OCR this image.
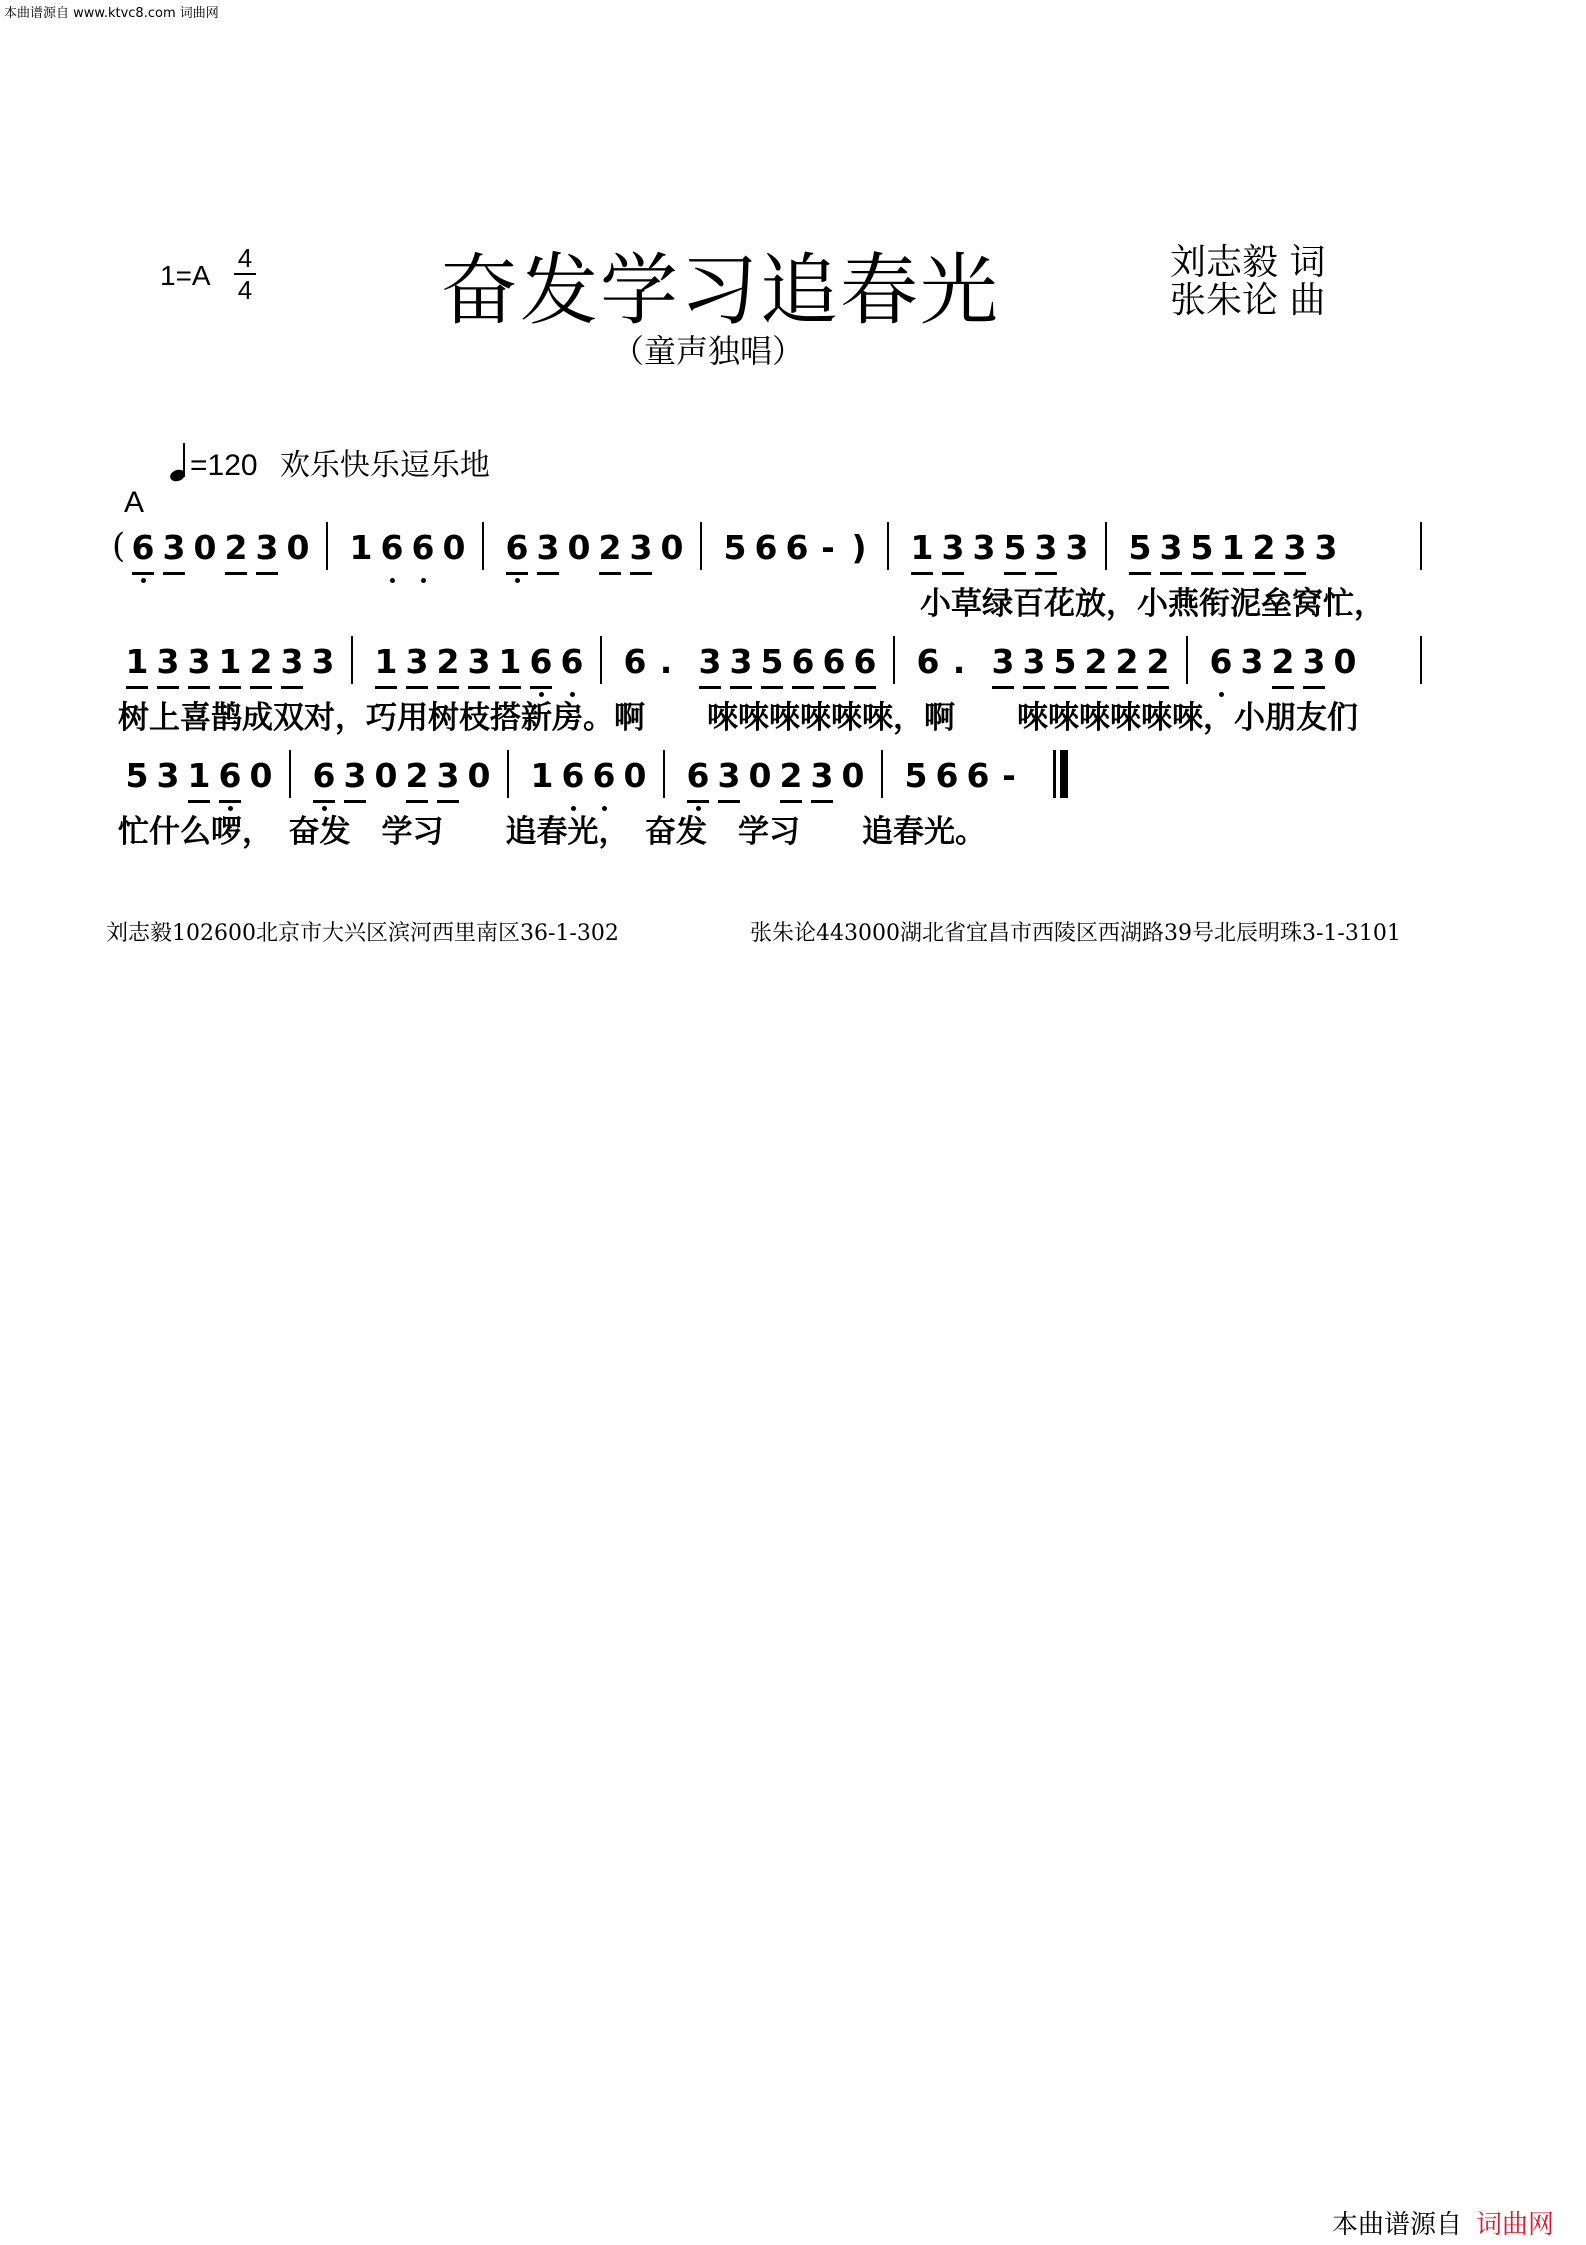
本曲谱源自 www.ktvc8.com 词曲网
1=A
4
4 奋发学习追春光	刘志毅 词
张朱论 曲
（童声独唱）
=120 欢乐快乐逗乐地
A
( 6 3 0 2 3 0 1 6 6 0 6 3 0 2 3 0 5 6 6 - ) 1 3 3 5 3 3 5 3 5 1 2 3 3
1 3 3 1 2 3 3 1 3 2 3 1 6 6 6 . 3 3 5 6 6 6 6 . 3 3 5 2 2 2 6 3 2 3 0
5 3 1 6 0 6 3 0 2 3 0 1 6 6 0 6 3 0 2 3 0 5 6 6 -
刘志毅102600北京市大兴区滨河西里南区36-1-302	张朱论443000湖北省宜昌市西陵区西湖路39号北辰明珠3-1-3101
本曲谱源自 词曲网
小草绿百花放，小燕衔泥垒窝忙，
树上喜鹊成双对，巧用树枝搭新房。啊　　唻唻唻唻唻唻，啊　　唻唻唻唻唻唻，小朋友们
忙什么啰，　奋发　学习　　追春光，　奋发　学习　　追春光。
